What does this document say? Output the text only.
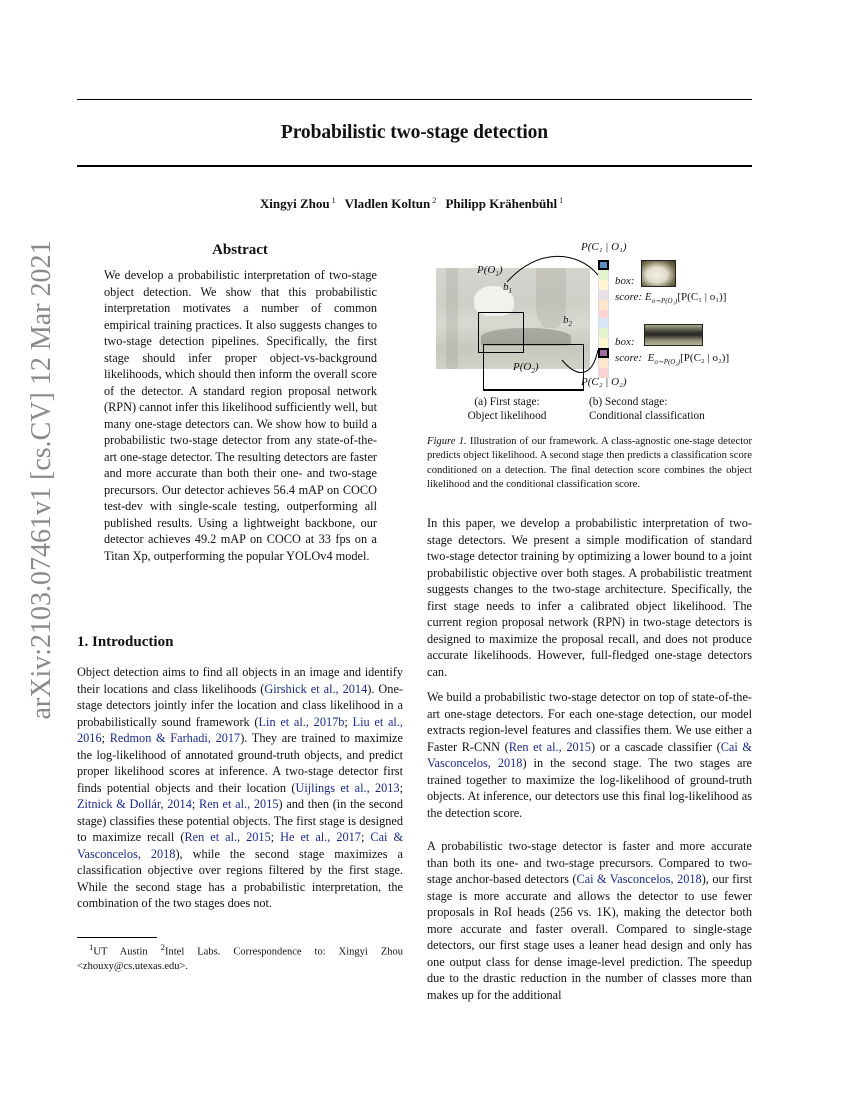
arXiv:2103.07461v1 [cs.CV] 12 Mar 2021
Probabilistic two-stage detection
Xingyi Zhou $^1$ Vladlen Koltun $^2$ Philipp Krähenbühl $^1$
Abstract
We develop a probabilistic interpretation of two-stage object detection. We show that this probabilistic interpretation motivates a number of common empirical training practices. It also suggests changes to two-stage detection pipelines. Specifically, the first stage should infer proper object-vs-background likelihoods, which should then inform the overall score of the detector. A standard region proposal network (RPN) cannot infer this likelihood sufficiently well, but many one-stage detectors can. We show how to build a probabilistic two-stage detector from any state-of-the-art one-stage detector. The resulting detectors are faster and more accurate than both their one- and two-stage precursors. Our detector achieves 56.4 mAP on COCO test-dev with single-scale testing, outperforming all published results. Using a lightweight backbone, our detector achieves 49.2 mAP on COCO at 33 fps on a Titan Xp, outperforming the popular YOLOv4 model.
1. Introduction

Object detection aims to find all objects in an image and identify their locations and class likelihoods (Girshick et al., 2014). One-stage detectors jointly infer the location and class likelihood in a probabilistically sound framework (Lin et al., 2017b; Liu et al., 2016; Redmon & Farhadi, 2017). They are trained to maximize the log-likelihood of annotated ground-truth objects, and predict proper likelihood scores at inference. A two-stage detector first finds potential objects and their location (Uijlings et al., 2013; Zitnick & Dollár, 2014; Ren et al., 2015) and then (in the second stage) classifies these potential objects. The first stage is designed to maximize recall (Ren et al., 2015; He et al., 2017; Cai & Vasconcelos, 2018), while the second stage maximizes a classification objective over regions filtered by the first stage. While the second stage has a probabilistic interpretation, the combination of the two stages does not.

$^1$UT Austin $^2$Intel Labs. Correspondence to: Xingyi Zhou <zhouxy@cs.utexas.edu>.

P(C₁ | O₁)
$P(O_1)$
$b_1$
$b_2$
$P(O_2)$
box:
score: $E_{o\sim P(O_1)}[P(C_1$ | o₁)]
box:
score:  $E_{o\sim P(O_2)}[P(C_2$ | o₂)]
P(C₂ | O₂)
(a) First stage:
Object likelihood
(b) Second stage:
Conditional classification
Figure 1. Illustration of our framework. A class-agnostic one-stage detector predicts object likelihood. A second stage then predicts a classification score conditioned on a detection. The final detection score combines the object likelihood and the conditional classification score.

In this paper, we develop a probabilistic interpretation of two-stage detectors. We present a simple modification of standard two-stage detector training by optimizing a lower bound to a joint probabilistic objective over both stages. A probabilistic treatment suggests changes to the two-stage architecture. Specifically, the first stage needs to infer a calibrated object likelihood. The current region proposal network (RPN) in two-stage detectors is designed to maximize the proposal recall, and does not produce accurate likelihoods. However, full-fledged one-stage detectors can.

We build a probabilistic two-stage detector on top of state-of-the-art one-stage detectors. For each one-stage detection, our model extracts region-level features and classifies them. We use either a Faster R-CNN (Ren et al., 2015) or a cascade classifier (Cai & Vasconcelos, 2018) in the second stage. The two stages are trained together to maximize the log-likelihood of ground-truth objects. At inference, our detectors use this final log-likelihood as the detection score.

A probabilistic two-stage detector is faster and more accurate than both its one- and two-stage precursors. Compared to two-stage anchor-based detectors (Cai & Vasconcelos, 2018), our first stage is more accurate and allows the detector to use fewer proposals in RoI heads (256 vs. 1K), making the detector both more accurate and faster overall. Compared to single-stage detectors, our first stage uses a leaner head design and only has one output class for dense image-level prediction. The speedup due to the drastic reduction in the number of classes more than makes up for the additional
